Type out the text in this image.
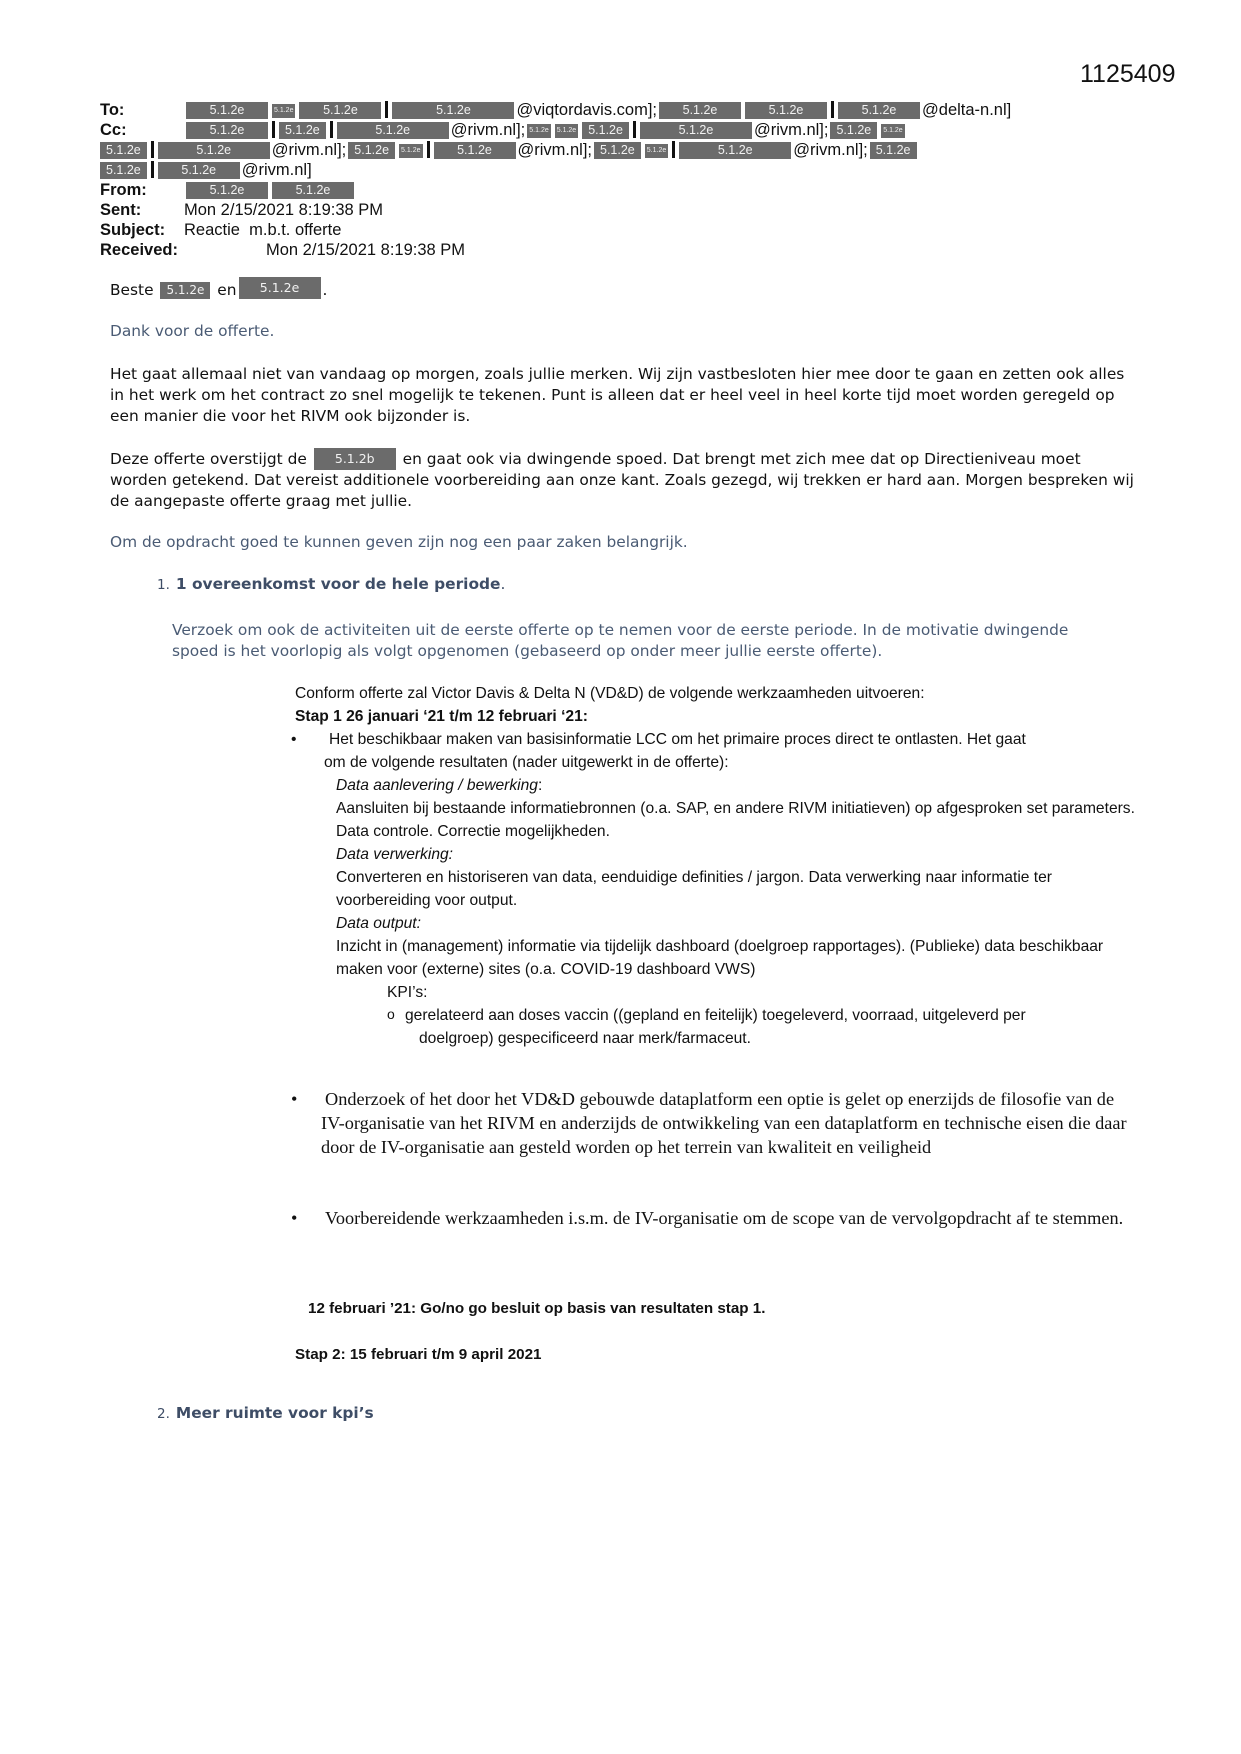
1125409
To:	5.1.2e	5.1.2e 5.1.2e	5.1.2e	@viqtordavis.com]; 5.1.2e	5.1.2e	5.1.2e @delta-n.nl]
Cc:	5.1.2e	5.1.2e	5.1.2e @rivm.nl]; 5.1.2e 5.1.2e 5.1.2e	5.1.2e @rivm.nl]; 5.1.2e 5.1.2e
5.1.2e	5.1.2e @rivm.nl]; 5.1.2e 5.1.2e	5.1.2e @rivm.nl]; 5.1.2e 5.1.2e	5.1.2e @rivm.nl]; 5.1.2e
5.1.2e	5.1.2e @rivm.nl]
From:	5.1.2e	5.1.2e
Sent:	Mon 2/15/2021 8:19:38 PM
Subject: Reactie  m.b.t. offerte
Received:	Mon 2/15/2021 8:19:38 PM
Beste 5.1.2e en 5.1.2e .
Dank voor de offerte.
Het gaat allemaal niet van vandaag op morgen, zoals jullie merken. Wij zijn vastbesloten hier mee door te gaan en zetten ook alles in het werk om het contract zo snel mogelijk te tekenen. Punt is alleen dat er heel veel in heel korte tijd moet worden geregeld op een manier die voor het RIVM ook bijzonder is.
Deze offerte overstijgt de 5.1.2b en gaat ook via dwingende spoed. Dat brengt met zich mee dat op Directieniveau moet worden getekend. Dat vereist additionele voorbereiding aan onze kant. Zoals gezegd, wij trekken er hard aan. Morgen bespreken wij de aangepaste offerte graag met jullie.
Om de opdracht goed te kunnen geven zijn nog een paar zaken belangrijk.
1. 1 overeenkomst voor de hele periode.
Verzoek om ook de activiteiten uit de eerste offerte op te nemen voor de eerste periode. In de motivatie dwingende spoed is het voorlopig als volgt opgenomen (gebaseerd op onder meer jullie eerste offerte).
Conform offerte zal Victor Davis & Delta N (VD&D) de volgende werkzaamheden uitvoeren:
Stap 1 26 januari ‘21 t/m 12 februari ‘21:
• Het beschikbaar maken van basisinformatie LCC om het primaire proces direct te ontlasten. Het gaat
om de volgende resultaten (nader uitgewerkt in de offerte):
Data aanlevering / bewerking:
Aansluiten bij bestaande informatiebronnen (o.a. SAP, en andere RIVM initiatieven) op afgesproken set parameters. Data controle. Correctie mogelijkheden.
Data verwerking:
Converteren en historiseren van data, eenduidige definities / jargon. Data verwerking naar informatie ter voorbereiding voor output.
Data output:
Inzicht in (management) informatie via tijdelijk dashboard (doelgroep rapportages). (Publieke) data beschikbaar maken voor (externe) sites (o.a. COVID-19 dashboard VWS)
KPI’s:
o gerelateerd aan doses vaccin ((gepland en feitelijk) toegeleverd, voorraad, uitgeleverd per
doelgroep) gespecificeerd naar merk/farmaceut.
•	Onderzoek of het door het VD&D gebouwde dataplatform een optie is gelet op enerzijds de filosofie van de IV-organisatie van het RIVM en anderzijds de ontwikkeling van een dataplatform en technische eisen die daar door de IV-organisatie aan gesteld worden op het terrein van kwaliteit en veiligheid
•	Voorbereidende werkzaamheden i.s.m. de IV-organisatie om de scope van de vervolgopdracht af te stemmen.
12 februari ’21: Go/no go besluit op basis van resultaten stap 1.
Stap 2: 15 februari t/m 9 april 2021
2. Meer ruimte voor kpi’s
